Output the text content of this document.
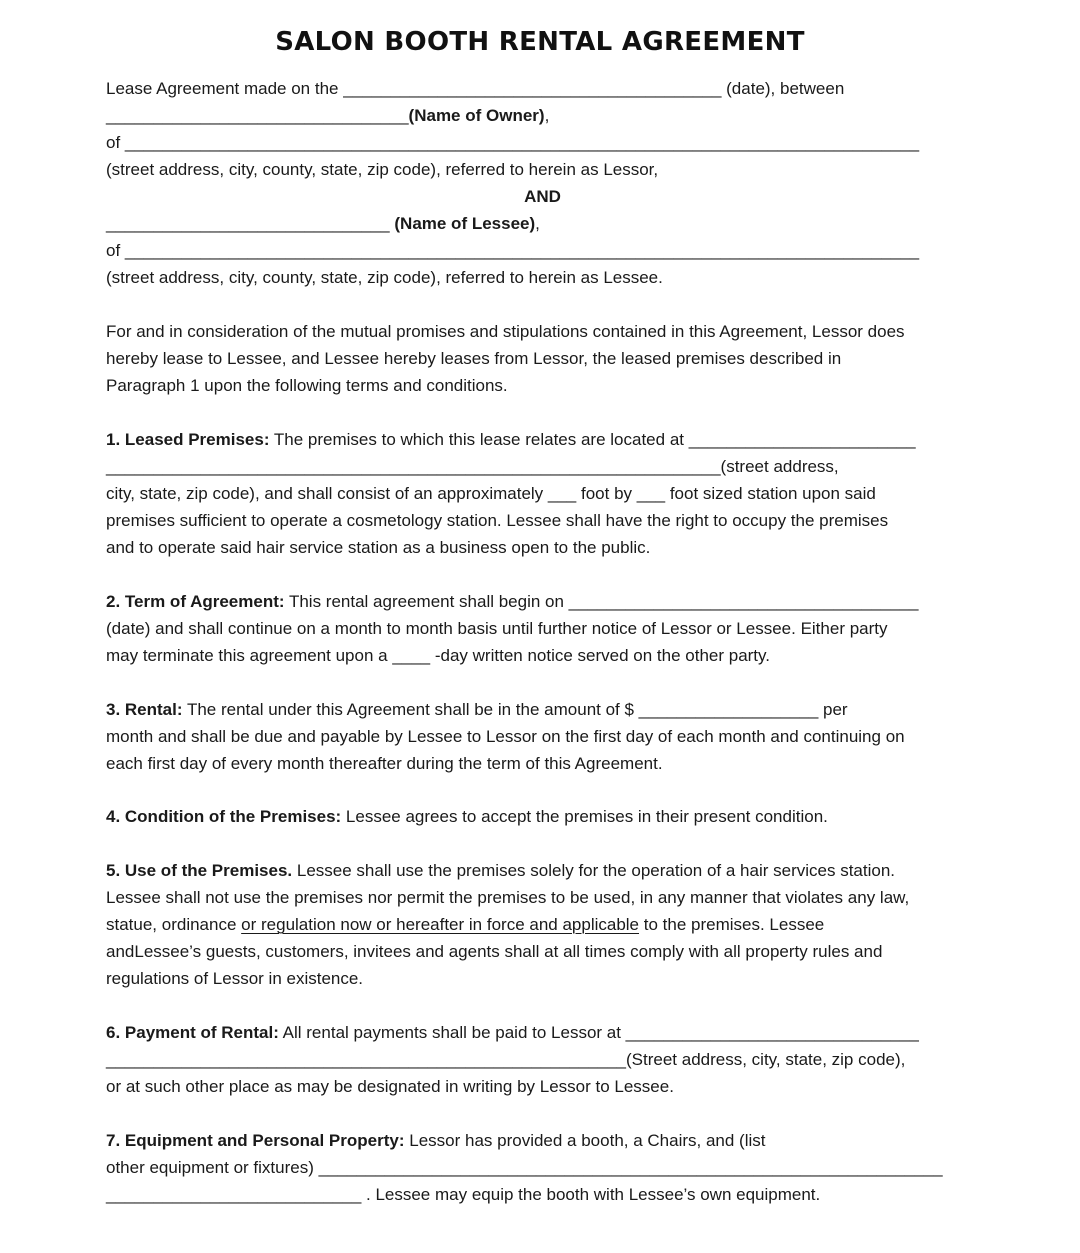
SALON BOOTH RENTAL AGREEMENT
Lease Agreement made on the ________________________________________ (date), between
________________________________(Name of Owner),
of ____________________________________________________________________________________
(street address, city, county, state, zip code), referred to herein as Lessor,
AND
______________________________ (Name of Lessee),
of ____________________________________________________________________________________
(street address, city, county, state, zip code), referred to herein as Lessee.
For and in consideration of the mutual promises and stipulations contained in this Agreement, Lessor does
hereby lease to Lessee, and Lessee hereby leases from Lessor, the leased premises described in
Paragraph 1 upon the following terms and conditions.
1. Leased Premises: The premises to which this lease relates are located at ________________________
_________________________________________________________________(street address,
city, state, zip code), and shall consist of an approximately ___ foot by ___ foot sized station upon said
premises sufficient to operate a cosmetology station. Lessee shall have the right to occupy the premises
and to operate said hair service station as a business open to the public.
2. Term of Agreement: This rental agreement shall begin on _____________________________________
(date) and shall continue on a month to month basis until further notice of Lessor or Lessee. Either party
may terminate this agreement upon a ____ -day written notice served on the other party.
3. Rental: The rental under this Agreement shall be in the amount of $ ___________________ per
month and shall be due and payable by Lessee to Lessor on the first day of each month and continuing on
each first day of every month thereafter during the term of this Agreement.
4. Condition of the Premises: Lessee agrees to accept the premises in their present condition.
5. Use of the Premises. Lessee shall use the premises solely for the operation of a hair services station.
Lessee shall not use the premises nor permit the premises to be used, in any manner that violates any law,
statue, ordinance or regulation now or hereafter in force and applicable to the premises. Lessee
andLessee’s guests, customers, invitees and agents shall at all times comply with all property rules and
regulations of Lessor in existence.
6. Payment of Rental: All rental payments shall be paid to Lessor at _______________________________
_______________________________________________________(Street address, city, state, zip code),
or at such other place as may be designated in writing by Lessor to Lessee.
7. Equipment and Personal Property: Lessor has provided a booth, a Chairs, and (list
other equipment or fixtures) __________________________________________________________________
___________________________ . Lessee may equip the booth with Lessee’s own equipment.
